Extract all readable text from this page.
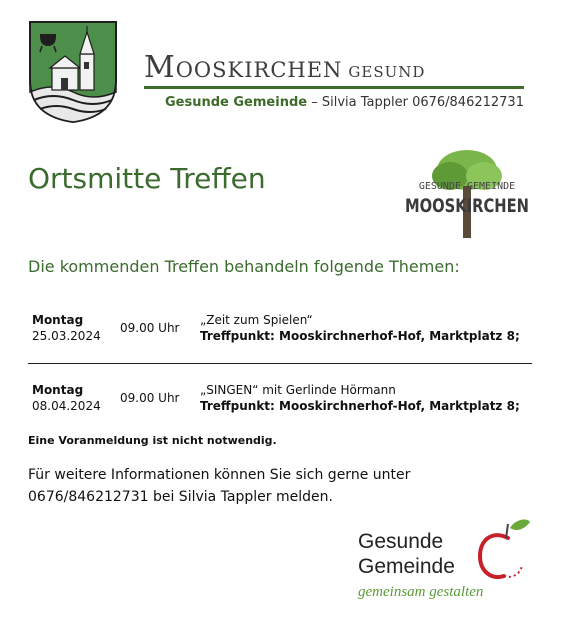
Mooskirchen gesund
Gesunde Gemeinde – Silvia Tappler 0676/846212731
Ortsmitte Treffen	GESUNDE GEMEINDE
MOOSKIRCHEN
Die kommenden Treffen behandeln folgende Themen:
Montag
25.03.2024
09.00 Uhr
„Zeit zum Spielen“
Treffpunkt: Mooskirchnerhof-Hof, Marktplatz 8;
Montag
08.04.2024
09.00 Uhr
„SINGEN“ mit Gerlinde Hörmann
Treffpunkt: Mooskirchnerhof-Hof, Marktplatz 8;
Eine Voranmeldung ist nicht notwendig.
Für weitere Informationen können Sie sich gerne unter 0676/846212731 bei Silvia Tappler melden.
Gesunde
Gemeinde
gemeinsam gestalten
